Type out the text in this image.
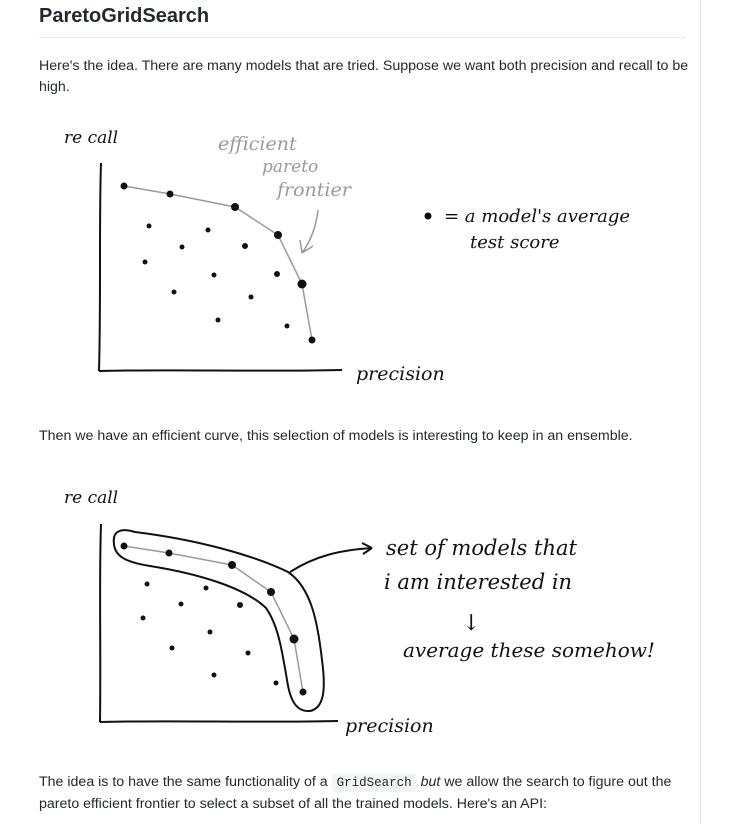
ParetoGridSearch

Here's the idea. There are many models that are tried. Suppose we want both precision and recall to be high.

re call
precision
efficient
pareto
frontier
= a model's average
test score

Then we have an efficient curve, this selection of models is interesting to keep in an ensemble.

re call
precision
set of models that
i am interested in
↓
average these somehow!

The idea is to have the same functionality of a GridSearch but we allow the search to figure out the pareto efficient frontier to select a subset of all the trained models. Here's an API:
